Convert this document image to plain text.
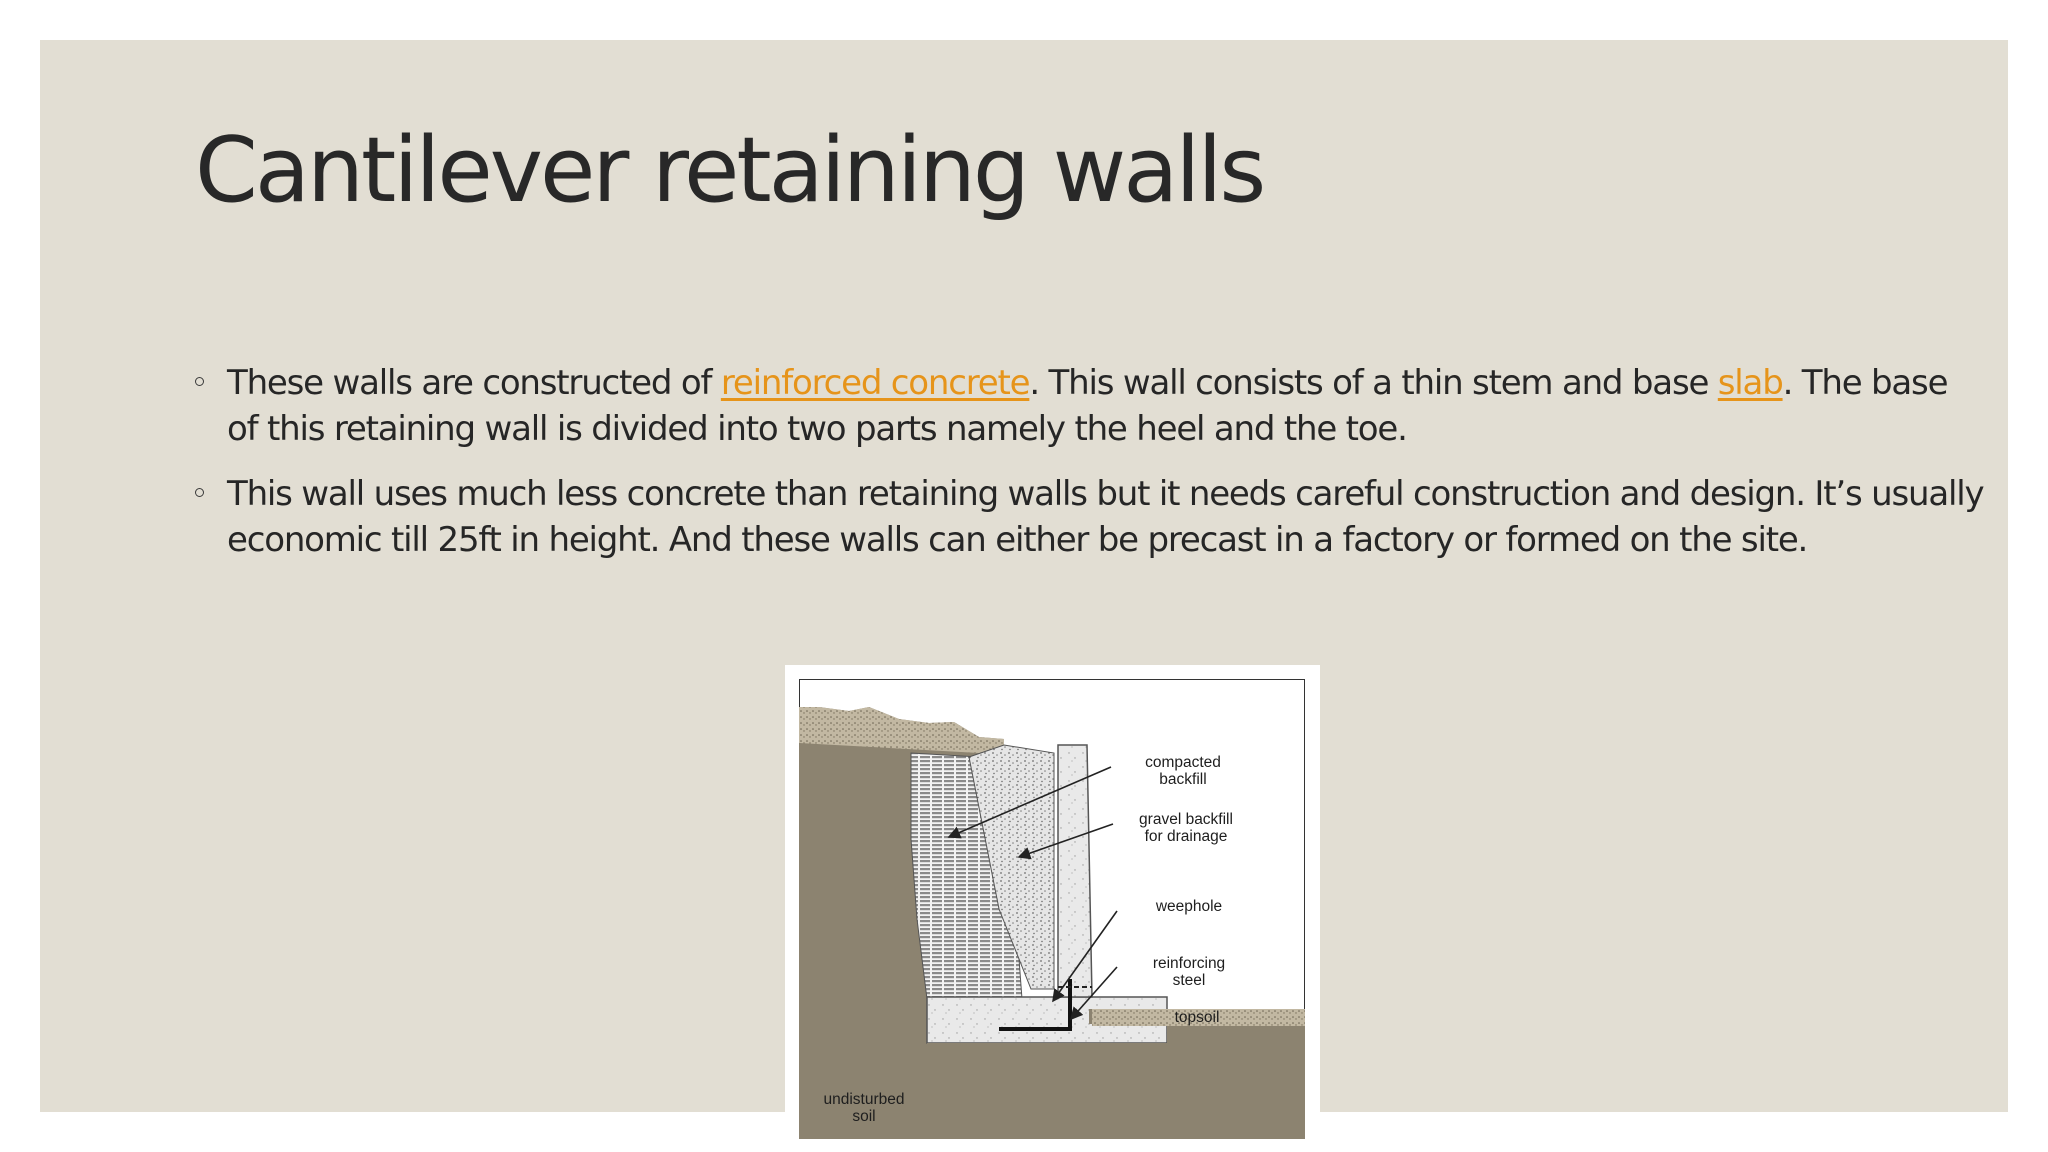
Cantilever retaining walls
These walls are constructed of reinforced concrete. This wall consists of a thin stem and base slab. The base of this retaining wall is divided into two parts namely the heel and the toe.
This wall uses much less concrete than retaining walls but it needs careful construction and design. It’s usually economic till 25ft in height. And these walls can either be precast in a factory or formed on the site.
compacted
backfill
gravel backfill
for drainage
weephole
reinforcing
steel
topsoil
undisturbed
soil
